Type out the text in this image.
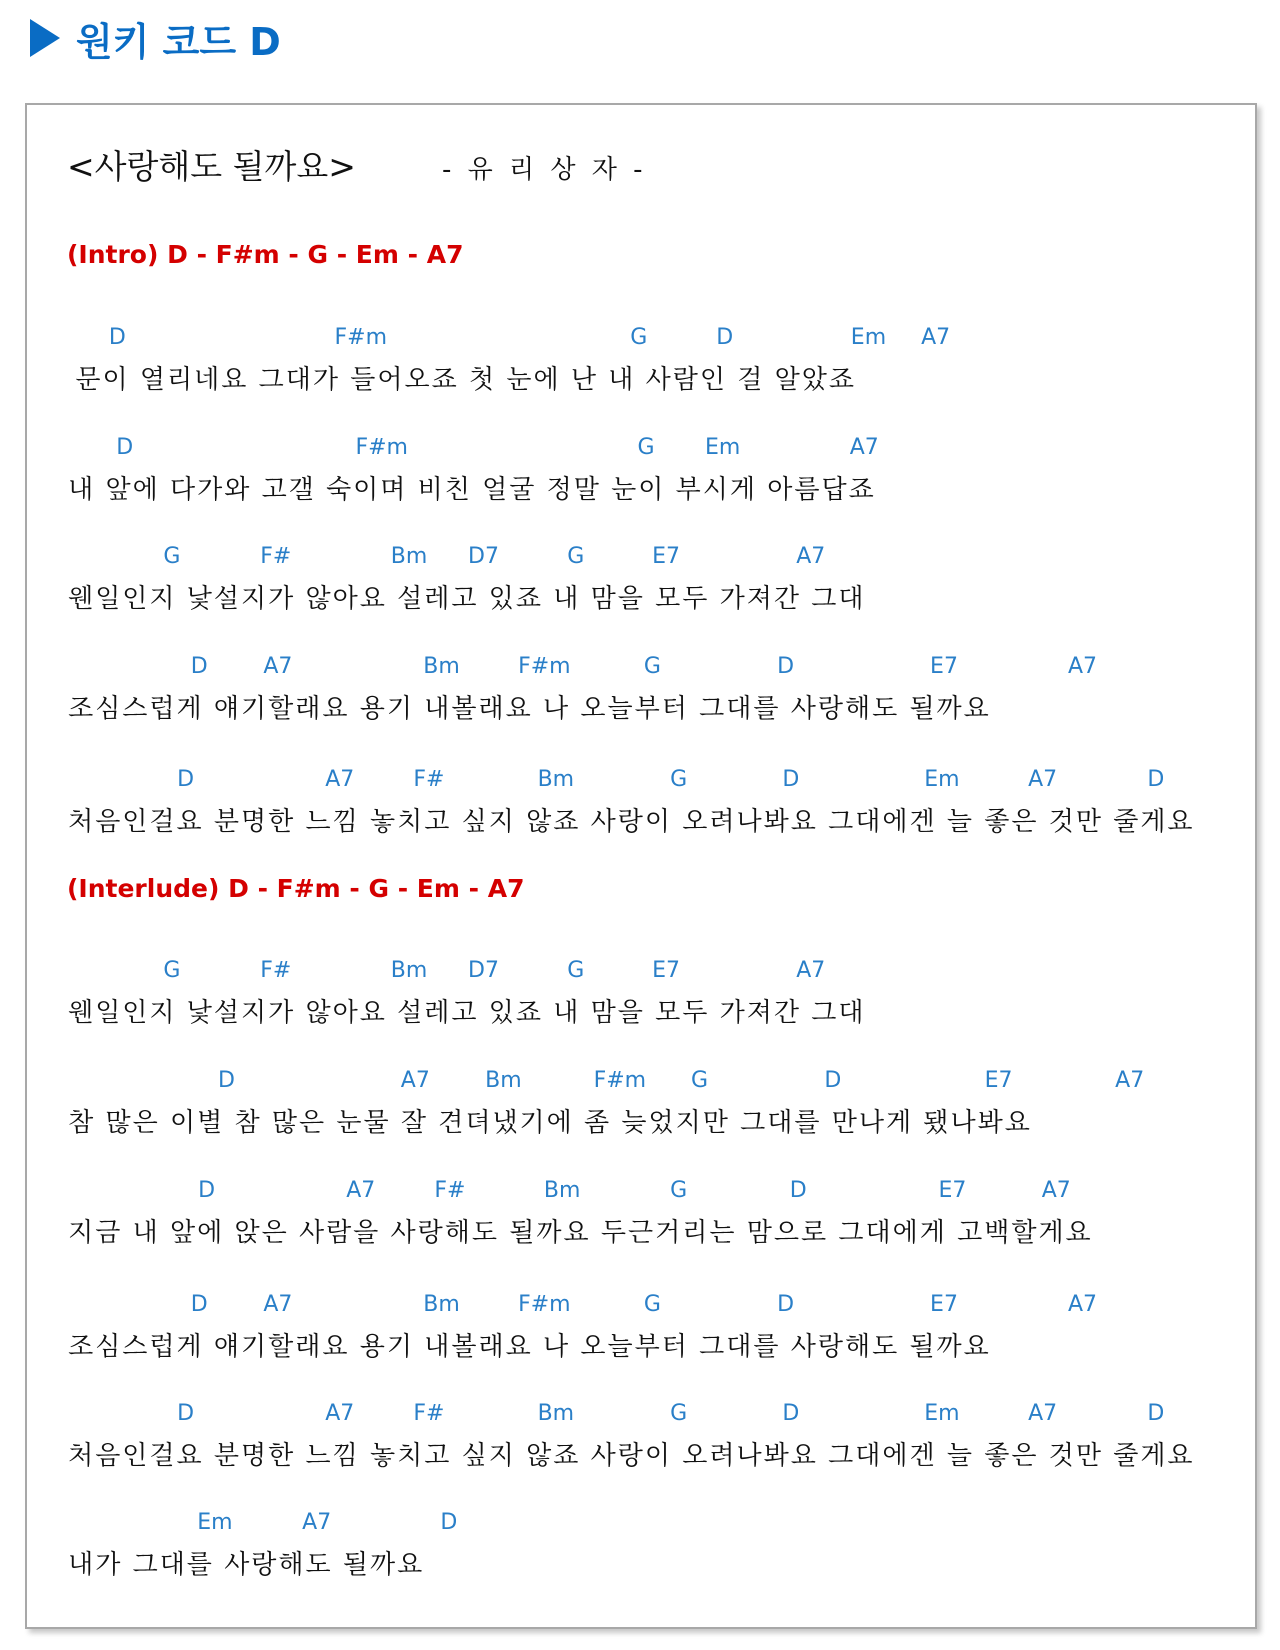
원키 코드 D
<사랑해도 될까요>	- 유 리 상 자 -
(Intro) D - F#m - G - Em - A7
(Interlude) D - F#m - G - Em - A7
D	F#m	G	D	Em A7
문이 열리네요 그대가 들어오죠 첫 눈에 난 내 사람인 걸 알았죠
D	F#m	G Em	A7
내 앞에 다가와 고갤 숙이며 비친 얼굴 정말 눈이 부시게 아름답죠
G	F#	Bm D7	G	E7	A7
웬일인지 낯설지가 않아요 설레고 있죠 내 맘을 모두 가져간 그대
D	A7	Bm	F#m	G	D	E7	A7
조심스럽게 얘기할래요 용기 내볼래요 나 오늘부터 그대를 사랑해도 될까요
D	A7	F#	Bm	G	D	Em	A7	D
처음인걸요 분명한 느낌 놓치고 싶지 않죠 사랑이 오려나봐요 그대에겐 늘 좋은 것만 줄게요
G	F#	Bm D7	G	E7	A7
웬일인지 낯설지가 않아요 설레고 있죠 내 맘을 모두 가져간 그대
D	A7	Bm	F#m G	D	E7	A7
참 많은 이별 참 많은 눈물 잘 견뎌냈기에 좀 늦었지만 그대를 만나게 됐나봐요
D	A7	F#	Bm	G	D	E7	A7
지금 내 앞에 앉은 사람을 사랑해도 될까요 두근거리는 맘으로 그대에게 고백할게요
D	A7	Bm	F#m	G	D	E7	A7
조심스럽게 얘기할래요 용기 내볼래요 나 오늘부터 그대를 사랑해도 될까요
D	A7	F#	Bm	G	D	Em	A7	D
처음인걸요 분명한 느낌 놓치고 싶지 않죠 사랑이 오려나봐요 그대에겐 늘 좋은 것만 줄게요
Em	A7	D
내가 그대를 사랑해도 될까요
